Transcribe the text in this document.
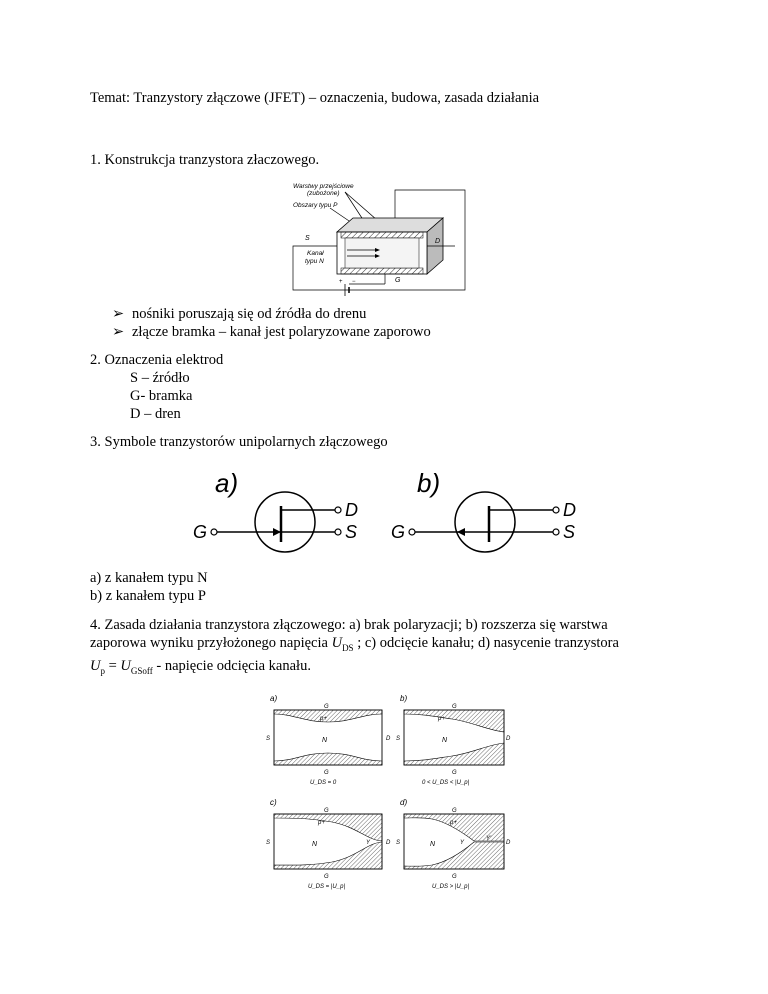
Temat: Tranzystory złączowe (JFET) – oznaczenia, budowa, zasada działania
1. Konstrukcja tranzystora złaczowego.
Warstwy przejściowe
(zubożone)
Obszary typu P
S	D
Kanał
typu N
G
+ −
➢ nośniki poruszają się od źródła do drenu
➢ złącze bramka – kanał jest polaryzowane zaporowo
2. Oznaczenia elektrod
S – źródło
G- bramka
D – dren
3. Symbole tranzystorów unipolarnych złączowego
a)
G
D
S
b)
G
D
S
a) z kanałem typu N
b) z kanałem typu P

4. Zasada działania tranzystora złączowego: a) brak polaryzacji; b) rozszerza się warstwa

zaporowa wyniku przyłożonego napięcia $U_{DS}$ ; c) odcięcie kanału; d) nasycenie tranzystora

$U_p = U_{GSoff}$ - napięcie odcięcia kanału.

a)
G
p+
N
S	D
G
U_DS = 0
b)
G
p+
N
S	D
G
0 < U_DS < |U_p|
c)
G
p+
N	Y
S	D
G
U_DS = |U_p|
d)
G
p+
N	Y
Y'
S	D
G
U_DS > |U_p|
